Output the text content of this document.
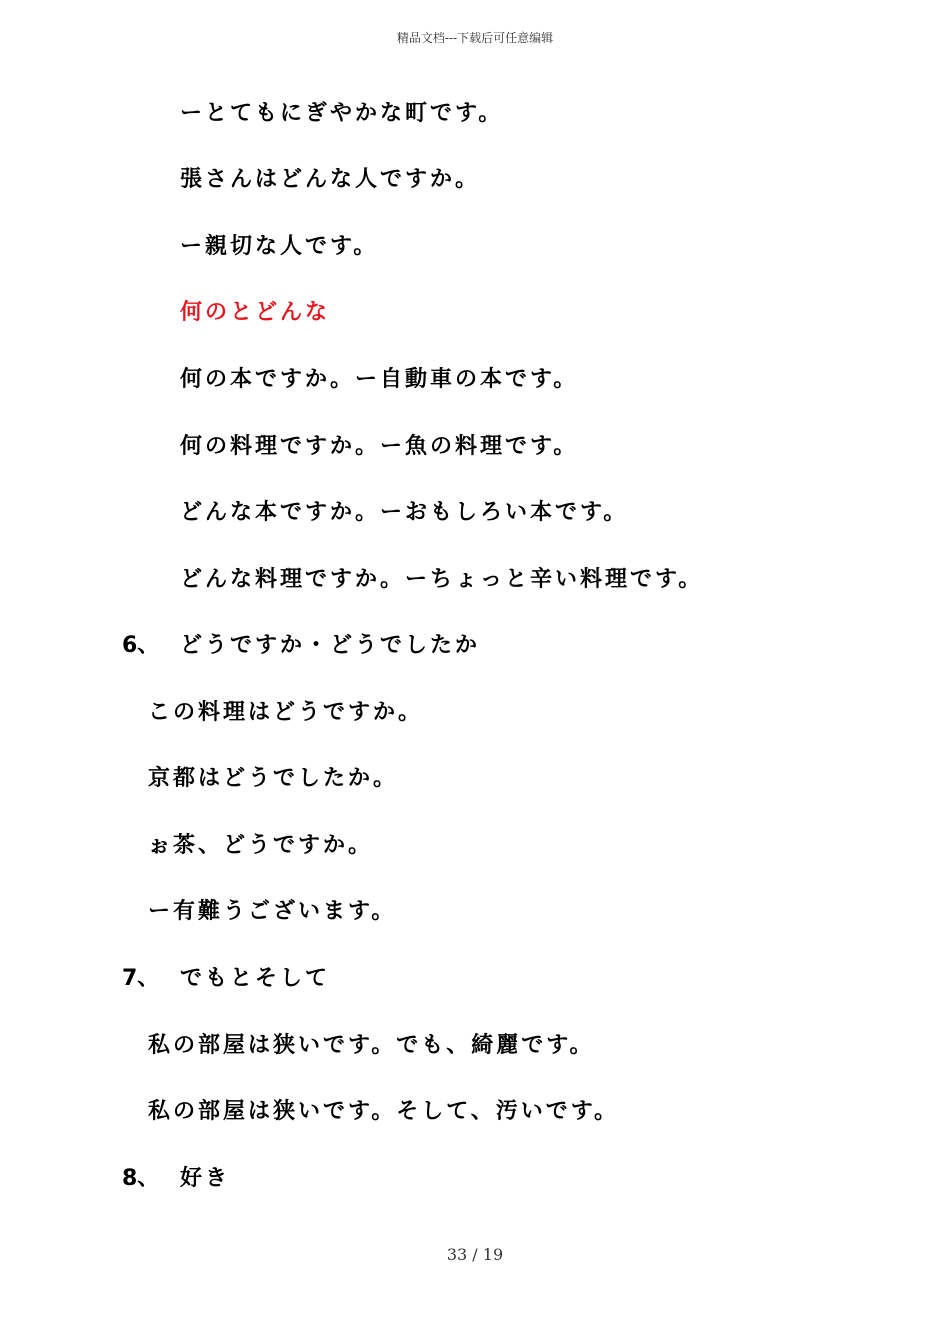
精品文档---下载后可任意编辑
ーとてもにぎやかな町です。
張さんはどんな人ですか。
ー親切な人です。
何のとどんな
何の本ですか。ー自動車の本です。
何の料理ですか。ー魚の料理です。
どんな本ですか。ーおもしろい本です。
どんな料理ですか。ーちょっと辛い料理です。
6、 どうですか・どうでしたか
この料理はどうですか。
京都はどうでしたか。
ぉ茶、どうですか。
ー有難うございます。
7、 でもとそして
私の部屋は狭いです。でも、綺麗です。
私の部屋は狭いです。そして、汚いです。
8、 好き
33 / 19
